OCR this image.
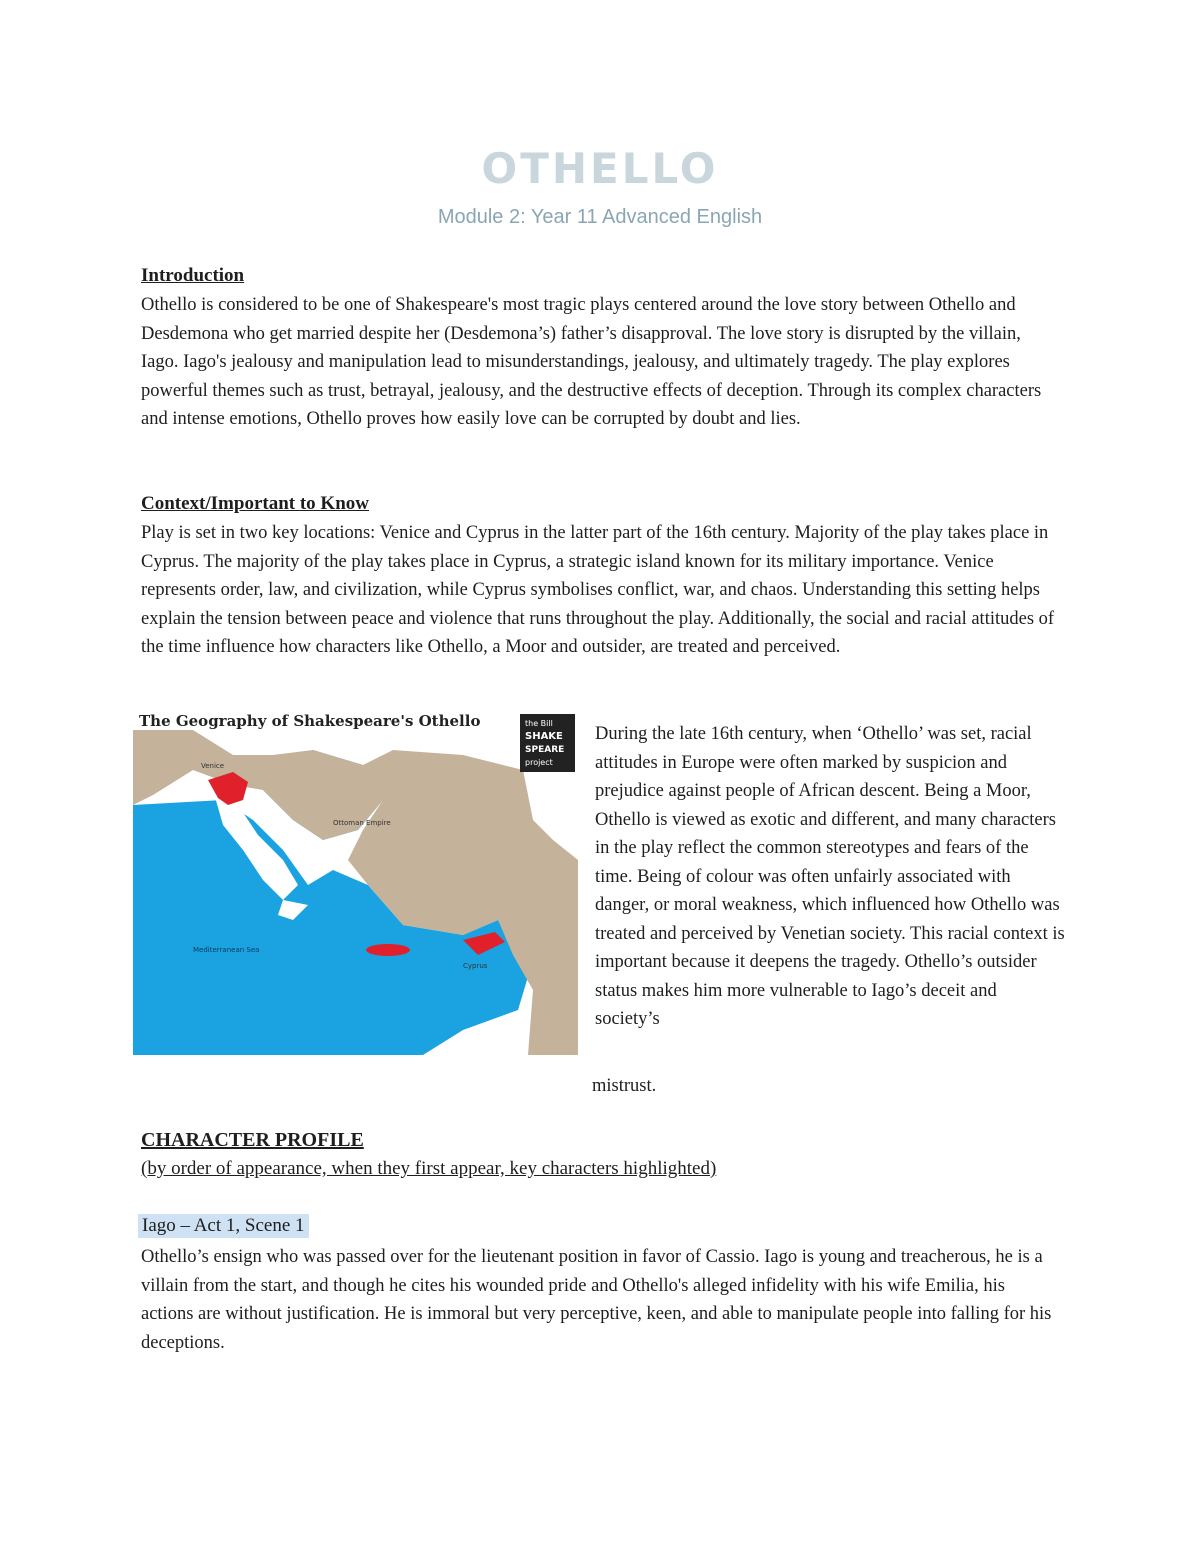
OTHELLO
Module 2: Year 11 Advanced English
Introduction

Othello is considered to be one of Shakespeare's most tragic plays centered around the love story between Othello and Desdemona who get married despite her (Desdemona’s) father’s disapproval. The love story is disrupted by the villain, Iago. Iago's jealousy and manipulation lead to misunderstandings, jealousy, and ultimately tragedy. The play explores powerful themes such as trust, betrayal, jealousy, and the destructive effects of deception. Through its complex characters and intense emotions, Othello proves how easily love can be corrupted by doubt and lies.

Context/Important to Know

Play is set in two key locations: Venice and Cyprus in the latter part of the 16th century. Majority of the play takes place in Cyprus. The majority of the play takes place in Cyprus, a strategic island known for its military importance. Venice represents order, law, and civilization, while Cyprus symbolises conflict, war, and chaos. Understanding this setting helps explain the tension between peace and violence that runs throughout the play. Additionally, the social and racial attitudes of the time influence how characters like Othello, a Moor and outsider, are treated and perceived.

The Geography of Shakespeare's Othello
Venice
Ottoman Empire
Mediterranean Sea
Cyprus
the Bill
SHAKE
SPEARE
project

During the late 16th century, when ‘Othello’ was set, racial attitudes in Europe were often marked by suspicion and prejudice against people of African descent. Being a Moor, Othello is viewed as exotic and different, and many characters in the play reflect the common stereotypes and fears of the time. Being of colour was often unfairly associated with danger, or moral weakness, which influenced how Othello was treated and perceived by Venetian society. This racial context is important because it deepens the tragedy. Othello’s outsider status makes him more vulnerable to Iago’s deceit and society’s

mistrust.
CHARACTER PROFILE
(by order of appearance, when they first appear, key characters highlighted)
Iago – Act 1, Scene 1

Othello’s ensign who was passed over for the lieutenant position in favor of Cassio. Iago is young and treacherous, he is a villain from the start, and though he cites his wounded pride and Othello's alleged infidelity with his wife Emilia, his actions are without justification. He is immoral but very perceptive, keen, and able to manipulate people into falling for his deceptions.
